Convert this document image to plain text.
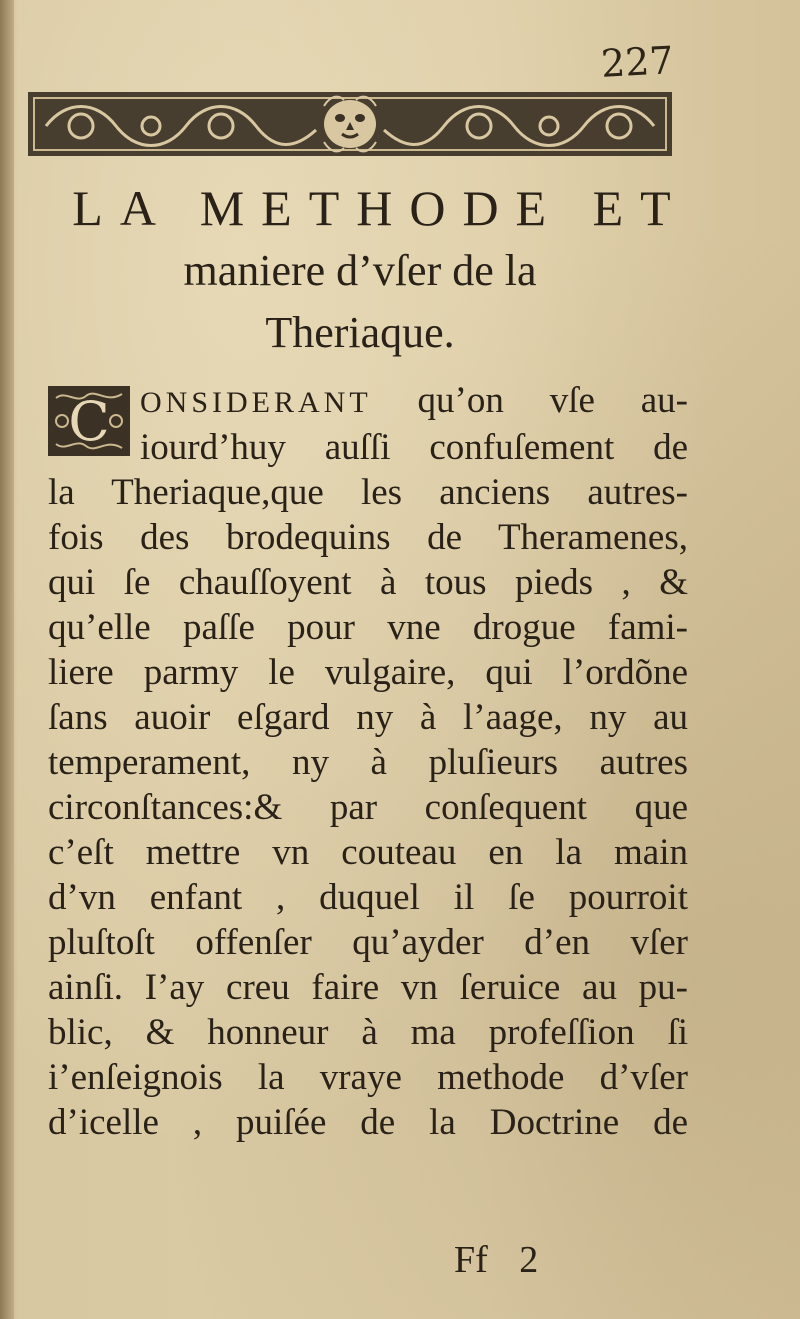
227
LA METHODE ET
maniere d’vſer de la
Theriaque.
C	ONSIDERANT qu’on vſe au-
iourd’huy auſſi confuſement de
la Theriaque,que les anciens autres-
fois des brodequins de Theramenes,
qui ſe chauſſoyent à tous pieds , &
qu’elle paſſe pour vne drogue fami-
liere parmy le vulgaire, qui l’ordõne
ſans auoir eſgard ny à l’aage, ny au
temperament, ny à pluſieurs autres
circonſtances:& par conſequent que
c’eſt mettre vn couteau en la main
d’vn enfant , duquel il ſe pourroit
pluſtoſt offenſer qu’ayder d’en vſer
ainſi. I’ay creu faire vn ſeruice au pu-
blic, & honneur à ma profeſſion ſi
i’enſeignois la vraye methode d’vſer
d’icelle , puiſée de la Doctrine de
Ff 2
